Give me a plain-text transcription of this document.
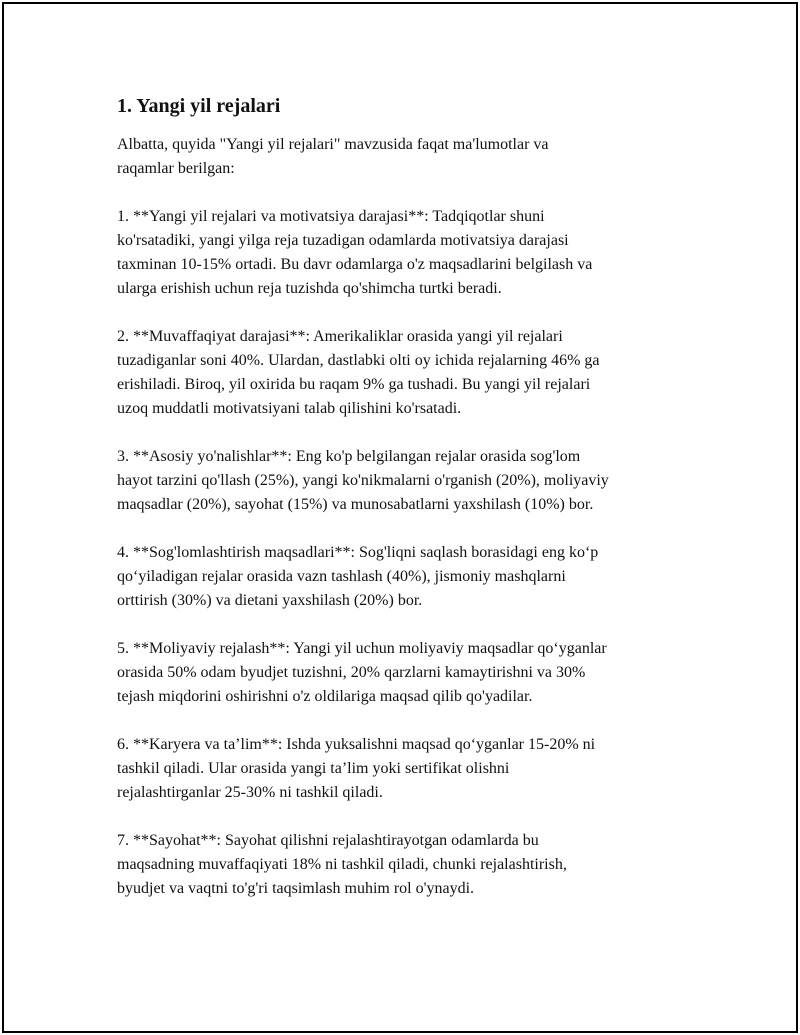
1. Yangi yil rejalari
Albatta, quyida "Yangi yil rejalari" mavzusida faqat ma'lumotlar va
raqamlar berilgan:
1. **Yangi yil rejalari va motivatsiya darajasi**: Tadqiqotlar shuni
ko'rsatadiki, yangi yilga reja tuzadigan odamlarda motivatsiya darajasi
taxminan 10-15% ortadi. Bu davr odamlarga o'z maqsadlarini belgilash va
ularga erishish uchun reja tuzishda qo'shimcha turtki beradi.
2. **Muvaffaqiyat darajasi**: Amerikaliklar orasida yangi yil rejalari
tuzadiganlar soni 40%. Ulardan, dastlabki olti oy ichida rejalarning 46% ga
erishiladi. Biroq, yil oxirida bu raqam 9% ga tushadi. Bu yangi yil rejalari
uzoq muddatli motivatsiyani talab qilishini ko'rsatadi.
3. **Asosiy yo'nalishlar**: Eng ko'p belgilangan rejalar orasida sog'lom
hayot tarzini qo'llash (25%), yangi ko'nikmalarni o'rganish (20%), moliyaviy
maqsadlar (20%), sayohat (15%) va munosabatlarni yaxshilash (10%) bor.
4. **Sog'lomlashtirish maqsadlari**: Sog'liqni saqlash borasidagi eng ko‘p
qo‘yiladigan rejalar orasida vazn tashlash (40%), jismoniy mashqlarni
orttirish (30%) va dietani yaxshilash (20%) bor.
5. **Moliyaviy rejalash**: Yangi yil uchun moliyaviy maqsadlar qo‘yganlar
orasida 50% odam byudjet tuzishni, 20% qarzlarni kamaytirishni va 30%
tejash miqdorini oshirishni o'z oldilariga maqsad qilib qo'yadilar.
6. **Karyera va ta’lim**: Ishda yuksalishni maqsad qo‘yganlar 15-20% ni
tashkil qiladi. Ular orasida yangi ta’lim yoki sertifikat olishni
rejalashtirganlar 25-30% ni tashkil qiladi.
7. **Sayohat**: Sayohat qilishni rejalashtirayotgan odamlarda bu
maqsadning muvaffaqiyati 18% ni tashkil qiladi, chunki rejalashtirish,
byudjet va vaqtni to'g'ri taqsimlash muhim rol o'ynaydi.
